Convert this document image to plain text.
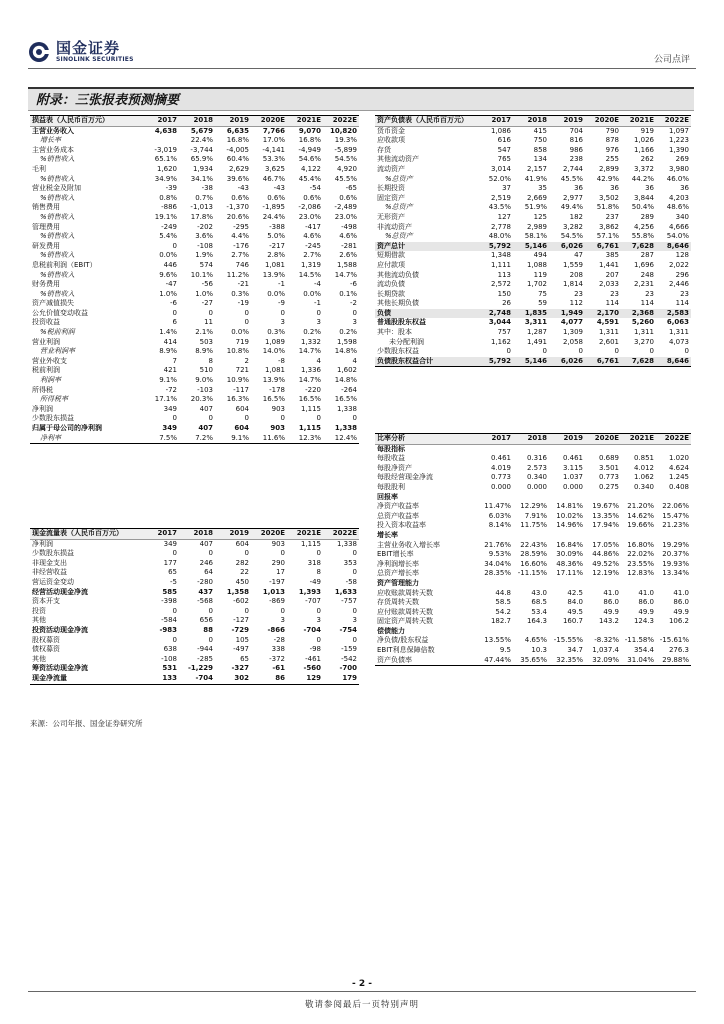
国金证券
SINOLINK SECURITIES	公司点评
附录：三张报表预测摘要
损益表（人民币百万元）	2017	2018	2019	2020E	2021E	2022E
主营业务收入	4,638	5,679	6,635	7,766	9,070	10,820
增长率		22.4%	16.8%	17.0%	16.8%	19.3%
主营业务成本	-3,019	-3,744	-4,005	-4,141	-4,949	-5,899
%销售收入	65.1%	65.9%	60.4%	53.3%	54.6%	54.5%
毛利	1,620	1,934	2,629	3,625	4,122	4,920
%销售收入	34.9%	34.1%	39.6%	46.7%	45.4%	45.5%
营业税金及附加	-39	-38	-43	-43	-54	-65
%销售收入	0.8%	0.7%	0.6%	0.6%	0.6%	0.6%
销售费用	-886	-1,013	-1,370	-1,895	-2,086	-2,489
%销售收入	19.1%	17.8%	20.6%	24.4%	23.0%	23.0%
管理费用	-249	-202	-295	-388	-417	-498
%销售收入	5.4%	3.6%	4.4%	5.0%	4.6%	4.6%
研发费用	0	-108	-176	-217	-245	-281
%销售收入	0.0%	1.9%	2.7%	2.8%	2.7%	2.6%
息税前利润（EBIT）	446	574	746	1,081	1,319	1,588
%销售收入	9.6%	10.1%	11.2%	13.9%	14.5%	14.7%
财务费用	-47	-56	-21	-1	-4	-6
%销售收入	1.0%	1.0%	0.3%	0.0%	0.0%	0.1%
资产减值损失	-6	-27	-19	-9	-1	-2
公允价值变动收益	0	0	0	0	0	0
投资收益	6	11	0	3	3	3
%税前利润	1.4%	2.1%	0.0%	0.3%	0.2%	0.2%
营业利润	414	503	719	1,089	1,332	1,598
营业利润率	8.9%	8.9%	10.8%	14.0%	14.7%	14.8%
营业外收支	7	8	2	-8	4	4
税前利润	421	510	721	1,081	1,336	1,602
利润率	9.1%	9.0%	10.9%	13.9%	14.7%	14.8%
所得税	-72	-103	-117	-178	-220	-264
所得税率	17.1%	20.3%	16.3%	16.5%	16.5%	16.5%
净利润	349	407	604	903	1,115	1,338
少数股东损益	0	0	0	0	0	0
归属于母公司的净利润	349	407	604	903	1,115	1,338
净利率	7.5%	7.2%	9.1%	11.6%	12.3%	12.4%
资产负债表（人民币百万元）	2017	2018	2019	2020E	2021E	2022E
货币资金	1,086	415	704	790	919	1,097
应收款项	616	750	816	878	1,026	1,223
存货	547	858	986	976	1,166	1,390
其他流动资产	765	134	238	255	262	269
流动资产	3,014	2,157	2,744	2,899	3,372	3,980
%总资产	52.0%	41.9%	45.5%	42.9%	44.2%	46.0%
长期投资	37	35	36	36	36	36
固定资产	2,519	2,669	2,977	3,502	3,844	4,203
%总资产	43.5%	51.9%	49.4%	51.8%	50.4%	48.6%
无形资产	127	125	182	237	289	340
非流动资产	2,778	2,989	3,282	3,862	4,256	4,666
%总资产	48.0%	58.1%	54.5%	57.1%	55.8%	54.0%
资产总计	5,792	5,146	6,026	6,761	7,628	8,646
短期借款	1,348	494	47	385	287	128
应付款项	1,111	1,088	1,559	1,441	1,696	2,022
其他流动负债	113	119	208	207	248	296
流动负债	2,572	1,702	1,814	2,033	2,231	2,446
长期贷款	150	75	23	23	23	23
其他长期负债	26	59	112	114	114	114
负债	2,748	1,835	1,949	2,170	2,368	2,583
普通股股东权益	3,044	3,311	4,077	4,591	5,260	6,063
其中：股本	757	1,287	1,309	1,311	1,311	1,311
未分配利润	1,162	1,491	2,058	2,601	3,270	4,073
少数股东权益	0	0	0	0	0	0
负债股东权益合计	5,792	5,146	6,026	6,761	7,628	8,646
比率分析	2017	2018	2019	2020E	2021E	2022E
每股指标						
每股收益	0.461	0.316	0.461	0.689	0.851	1.020
每股净资产	4.019	2.573	3.115	3.501	4.012	4.624
每股经营现金净流	0.773	0.340	1.037	0.773	1.062	1.245
每股股利	0.000	0.000	0.000	0.275	0.340	0.408
回报率						
净资产收益率	11.47%	12.29%	14.81%	19.67%	21.20%	22.06%
总资产收益率	6.03%	7.91%	10.02%	13.35%	14.62%	15.47%
投入资本收益率	8.14%	11.75%	14.96%	17.94%	19.66%	21.23%
增长率						
主营业务收入增长率	21.76%	22.43%	16.84%	17.05%	16.80%	19.29%
EBIT增长率	9.53%	28.59%	30.09%	44.86%	22.02%	20.37%
净利润增长率	34.04%	16.60%	48.36%	49.52%	23.55%	19.93%
总资产增长率	28.35%	-11.15%	17.11%	12.19%	12.83%	13.34%
资产管理能力						
应收账款周转天数	44.8	43.0	42.5	41.0	41.0	41.0
存货周转天数	58.5	68.5	84.0	86.0	86.0	86.0
应付账款周转天数	54.2	53.4	49.5	49.9	49.9	49.9
固定资产周转天数	182.7	164.3	160.7	143.2	124.3	106.2
偿债能力						
净负债/股东权益	13.55%	4.65%	-15.55%	-8.32%	-11.58%	-15.61%
EBIT利息保障倍数	9.5	10.3	34.7	1,037.4	354.4	276.3
资产负债率	47.44%	35.65%	32.35%	32.09%	31.04%	29.88%
现金流量表（人民币百万元）	2017	2018	2019	2020E	2021E	2022E
净利润	349	407	604	903	1,115	1,338
少数股东损益	0	0	0	0	0	0
非现金支出	177	246	282	290	318	353
非经营收益	65	64	22	17	8	0
营运资金变动	-5	-280	450	-197	-49	-58
经营活动现金净流	585	437	1,358	1,013	1,393	1,633
资本开支	-398	-568	-602	-869	-707	-757
投资	0	0	0	0	0	0
其他	-584	656	-127	3	3	3
投资活动现金净流	-983	88	-729	-866	-704	-754
股权募资	0	0	105	-28	0	0
债权募资	638	-944	-497	338	-98	-159
其他	-108	-285	65	-372	-461	-542
筹资活动现金净流	531	-1,229	-327	-61	-560	-700
现金净流量	133	-704	302	86	129	179
来源：公司年报、国金证券研究所
- 2 -
敬请参阅最后一页特别声明
